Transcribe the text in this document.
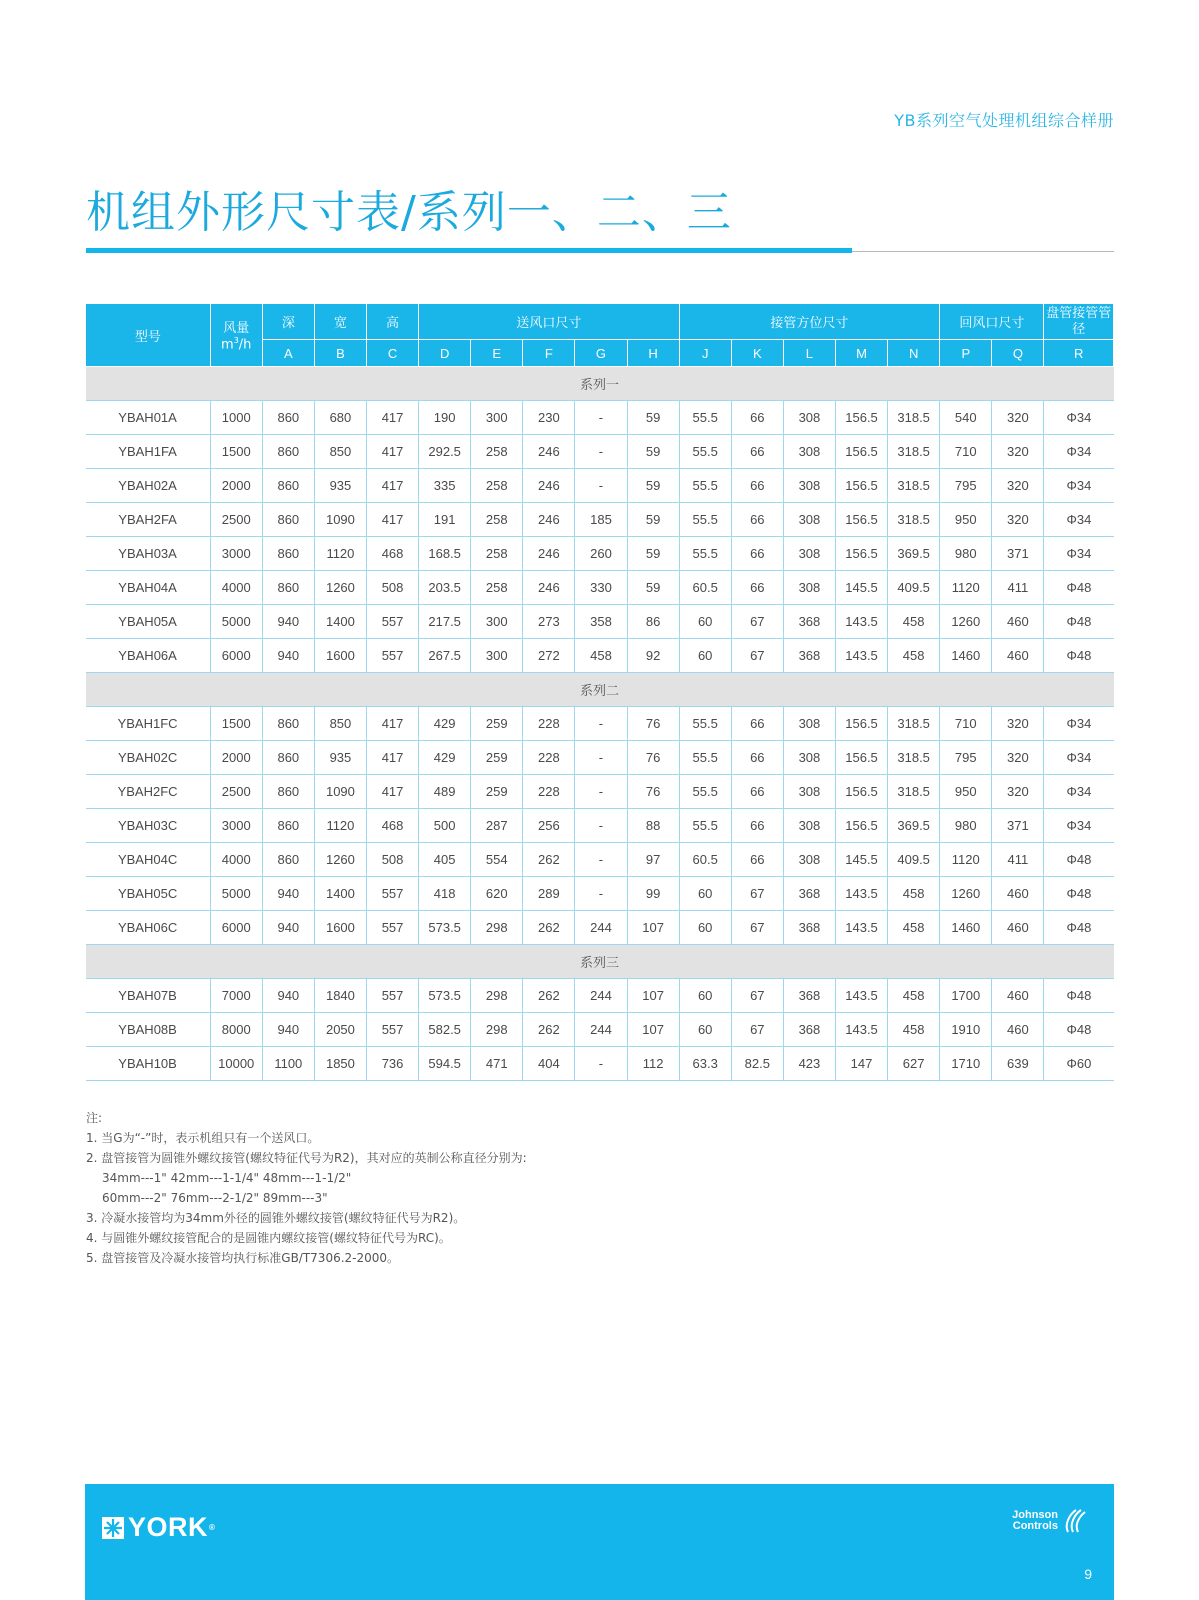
YB系列空气处理机组综合样册
机组外形尺寸表/系列一、二、三
型号	风量
$m^3/h$	深	宽	高	送风口尺寸					接管方位尺寸					回风口尺寸		盘管接管管径
		A	B	C	D	E	F	G	H	J	K	L	M	N	P	Q	R
系列一																	
YBAH01A	1000	860	680	417	190	300	230	-	59	55.5	66	308	156.5	318.5	540	320	Φ34
YBAH1FA	1500	860	850	417	292.5	258	246	-	59	55.5	66	308	156.5	318.5	710	320	Φ34
YBAH02A	2000	860	935	417	335	258	246	-	59	55.5	66	308	156.5	318.5	795	320	Φ34
YBAH2FA	2500	860	1090	417	191	258	246	185	59	55.5	66	308	156.5	318.5	950	320	Φ34
YBAH03A	3000	860	1120	468	168.5	258	246	260	59	55.5	66	308	156.5	369.5	980	371	Φ34
YBAH04A	4000	860	1260	508	203.5	258	246	330	59	60.5	66	308	145.5	409.5	1120	411	Φ48
YBAH05A	5000	940	1400	557	217.5	300	273	358	86	60	67	368	143.5	458	1260	460	Φ48
YBAH06A	6000	940	1600	557	267.5	300	272	458	92	60	67	368	143.5	458	1460	460	Φ48
系列二																	
YBAH1FC	1500	860	850	417	429	259	228	-	76	55.5	66	308	156.5	318.5	710	320	Φ34
YBAH02C	2000	860	935	417	429	259	228	-	76	55.5	66	308	156.5	318.5	795	320	Φ34
YBAH2FC	2500	860	1090	417	489	259	228	-	76	55.5	66	308	156.5	318.5	950	320	Φ34
YBAH03C	3000	860	1120	468	500	287	256	-	88	55.5	66	308	156.5	369.5	980	371	Φ34
YBAH04C	4000	860	1260	508	405	554	262	-	97	60.5	66	308	145.5	409.5	1120	411	Φ48
YBAH05C	5000	940	1400	557	418	620	289	-	99	60	67	368	143.5	458	1260	460	Φ48
YBAH06C	6000	940	1600	557	573.5	298	262	244	107	60	67	368	143.5	458	1460	460	Φ48
系列三																	
YBAH07B	7000	940	1840	557	573.5	298	262	244	107	60	67	368	143.5	458	1700	460	Φ48
YBAH08B	8000	940	2050	557	582.5	298	262	244	107	60	67	368	143.5	458	1910	460	Φ48
YBAH10B	10000	1100	1850	736	594.5	471	404	-	112	63.3	82.5	423	147	627	1710	639	Φ60
注:
1. 当G为“-”时，表示机组只有一个送风口。
2. 盘管接管为圆锥外螺纹接管(螺纹特征代号为R2)，其对应的英制公称直径分别为:
34mm---1" 42mm---1-1/4" 48mm---1-1/2"
60mm---2" 76mm---2-1/2" 89mm---3"
3. 冷凝水接管均为34mm外径的圆锥外螺纹接管(螺纹特征代号为R2)。
4. 与圆锥外螺纹接管配合的是圆锥内螺纹接管(螺纹特征代号为RC)。
5. 盘管接管及冷凝水接管均执行标准GB/T7306.2-2000。
YORK ®
Johnson
Controls
9
